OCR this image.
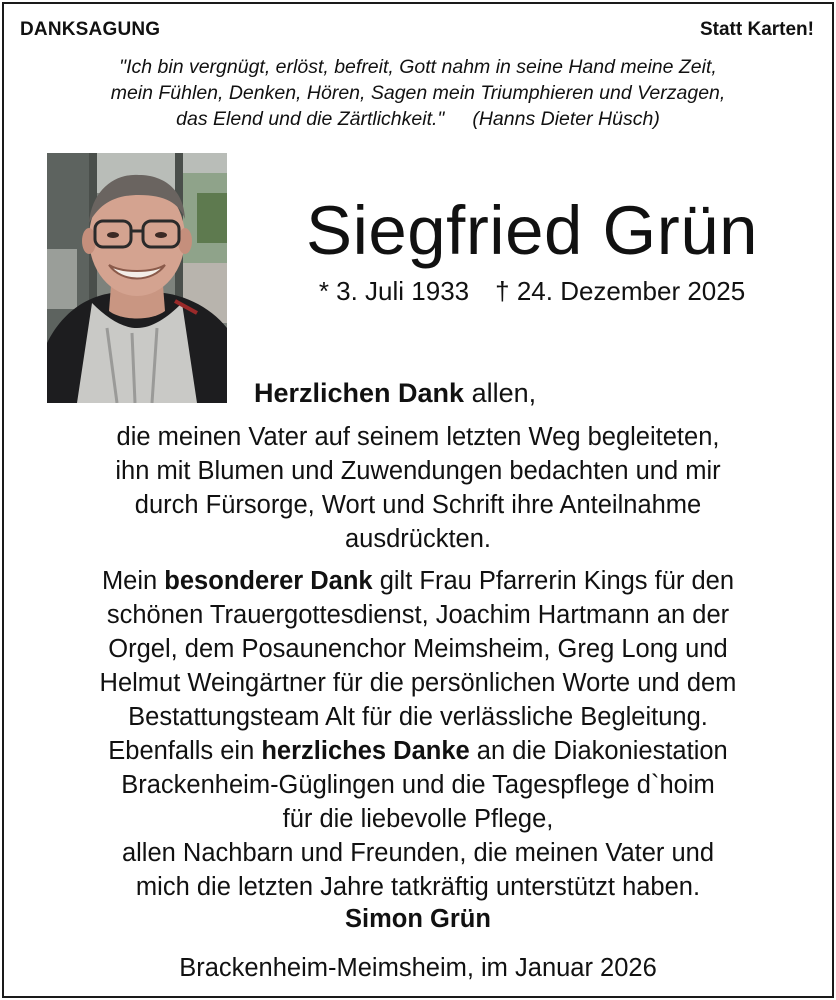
DANKSAGUNG	Statt Karten!
"Ich bin vergnügt, erlöst, befreit, Gott nahm in seine Hand meine Zeit,
mein Fühlen, Denken, Hören, Sagen mein Triumphieren und Verzagen,
das Elend und die Zärtlichkeit." (Hanns Dieter Hüsch)
Siegfried Grün
* 3. Juli 1933 † 24. Dezember 2025
Herzlichen Dank allen,
die meinen Vater auf seinem letzten Weg begleiteten,
ihn mit Blumen und Zuwendungen bedachten und mir
durch Fürsorge, Wort und Schrift ihre Anteilnahme
ausdrückten.
Mein besonderer Dank gilt Frau Pfarrerin Kings für den
schönen Trauergottesdienst, Joachim Hartmann an der
Orgel, dem Posaunenchor Meimsheim, Greg Long und
Helmut Weingärtner für die persönlichen Worte und dem
Bestattungsteam Alt für die verlässliche Begleitung.
Ebenfalls ein herzliches Danke an die Diakoniestation
Brackenheim-Güglingen und die Tagespflege d`hoim
für die liebevolle Pflege,
allen Nachbarn und Freunden, die meinen Vater und
mich die letzten Jahre tatkräftig unterstützt haben.
Simon Grün
Brackenheim-Meimsheim, im Januar 2026
